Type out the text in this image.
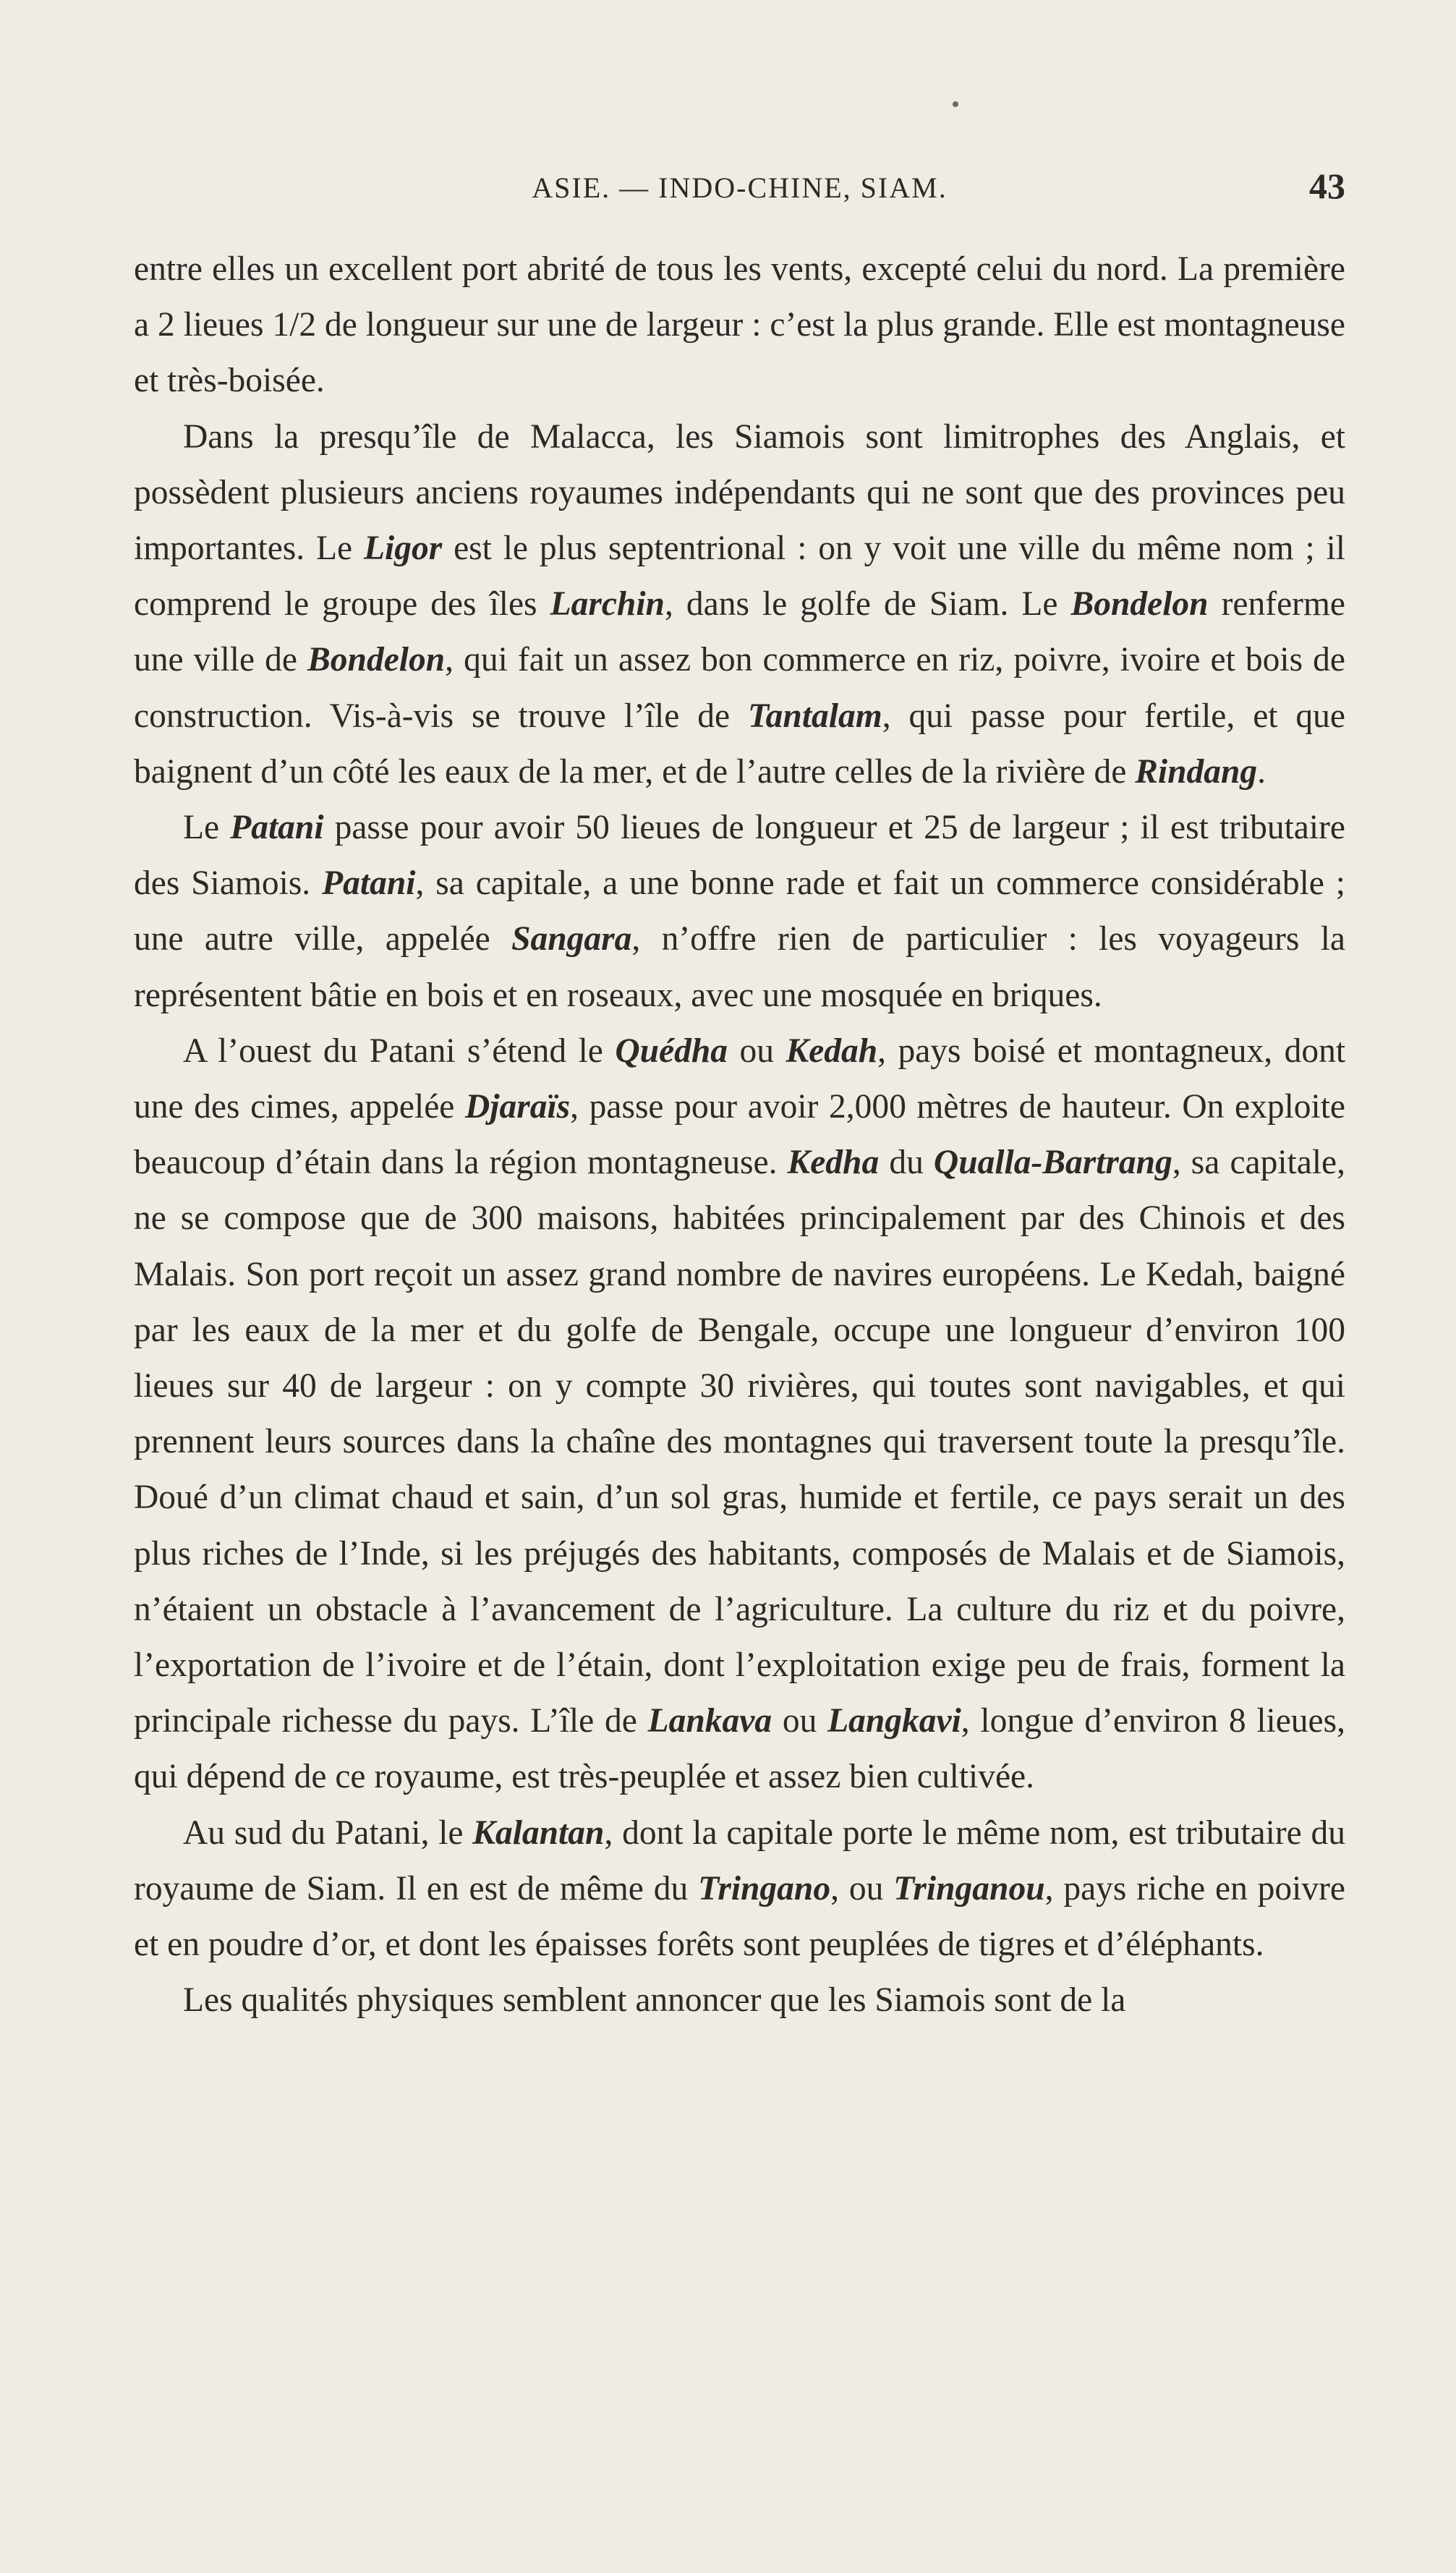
ASIE. — INDO-CHINE, SIAM.	43

entre elles un excellent port abrité de tous les vents, excepté celui du nord. La première a 2 lieues 1/2 de longueur sur une de largeur : c’est la plus grande. Elle est montagneuse et très-boisée.

Dans la presqu’île de Malacca, les Siamois sont limitrophes des Anglais, et possèdent plusieurs anciens royaumes indépendants qui ne sont que des provinces peu importantes. Le Ligor est le plus septentrional : on y voit une ville du même nom ; il comprend le groupe des îles Larchin, dans le golfe de Siam. Le Bondelon renferme une ville de Bondelon, qui fait un assez bon commerce en riz, poivre, ivoire et bois de construction. Vis-à-vis se trouve l’île de Tantalam, qui passe pour fertile, et que baignent d’un côté les eaux de la mer, et de l’autre celles de la rivière de Rindang.

Le Patani passe pour avoir 50 lieues de longueur et 25 de largeur ; il est tributaire des Siamois. Patani, sa capitale, a une bonne rade et fait un commerce considérable ; une autre ville, appelée Sangara, n’offre rien de particulier : les voyageurs la représentent bâtie en bois et en roseaux, avec une mosquée en briques.

A l’ouest du Patani s’étend le Quédha ou Kedah, pays boisé et montagneux, dont une des cimes, appelée Djaraïs, passe pour avoir 2,000 mètres de hauteur. On exploite beaucoup d’étain dans la région montagneuse. Kedha du Qualla-Bartrang, sa capitale, ne se compose que de 300 maisons, habitées principalement par des Chinois et des Malais. Son port reçoit un assez grand nombre de navires européens. Le Kedah, baigné par les eaux de la mer et du golfe de Bengale, occupe une longueur d’environ 100 lieues sur 40 de largeur : on y compte 30 rivières, qui toutes sont navigables, et qui prennent leurs sources dans la chaîne des montagnes qui traversent toute la presqu’île. Doué d’un climat chaud et sain, d’un sol gras, humide et fertile, ce pays serait un des plus riches de l’Inde, si les préjugés des habitants, composés de Malais et de Siamois, n’étaient un obstacle à l’avancement de l’agriculture. La culture du riz et du poivre, l’exportation de l’ivoire et de l’étain, dont l’exploitation exige peu de frais, forment la principale richesse du pays. L’île de Lankava ou Langkavi, longue d’environ 8 lieues, qui dépend de ce royaume, est très-peuplée et assez bien cultivée.

Au sud du Patani, le Kalantan, dont la capitale porte le même nom, est tributaire du royaume de Siam. Il en est de même du Tringano, ou Tringanou, pays riche en poivre et en poudre d’or, et dont les épaisses forêts sont peuplées de tigres et d’éléphants.

Les qualités physiques semblent annoncer que les Siamois sont de la
